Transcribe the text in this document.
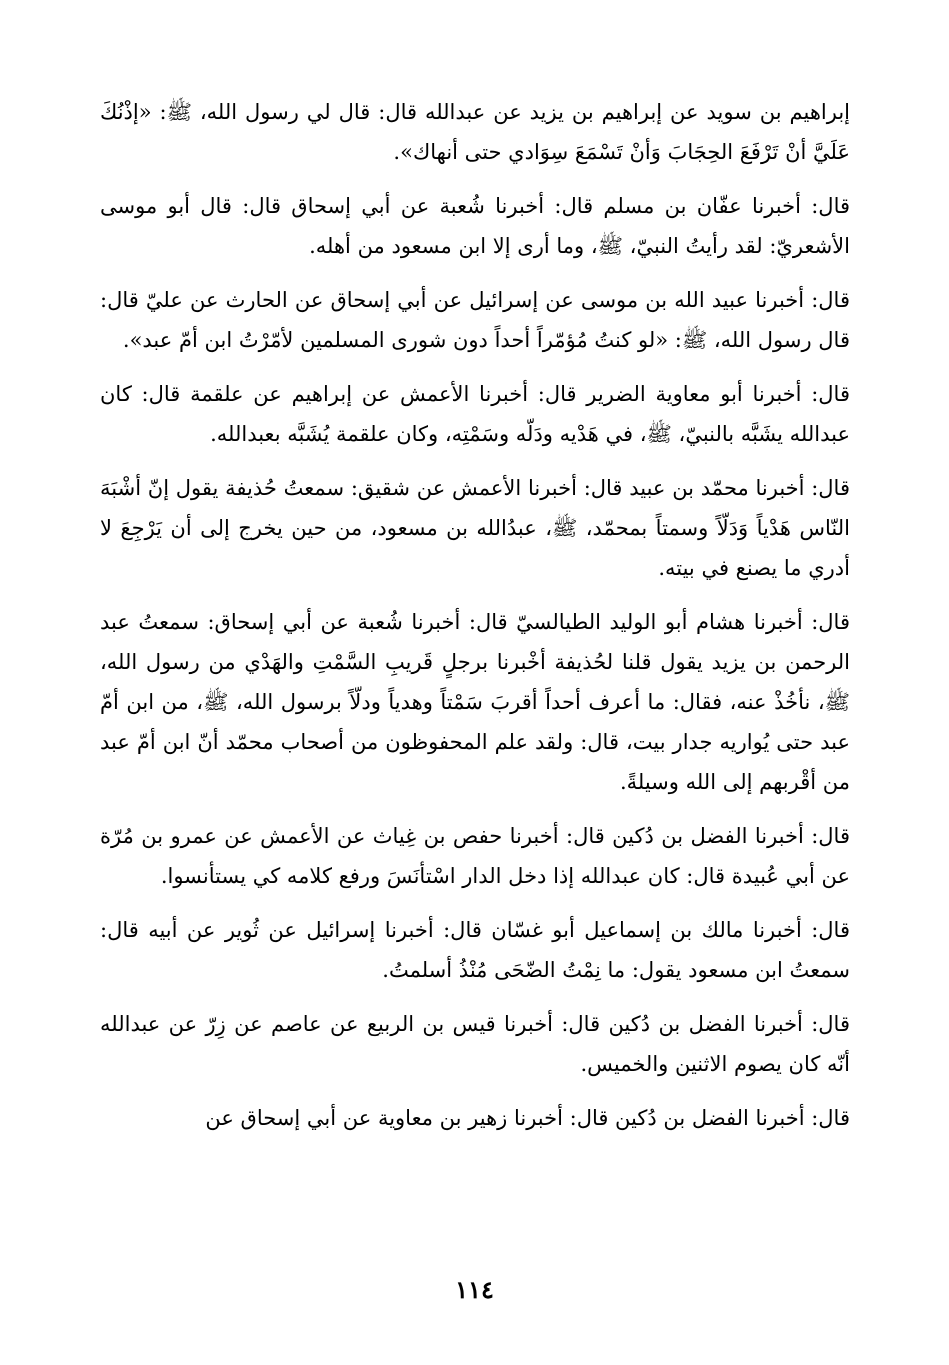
إبراهيم بن سويد عن إبراهيم بن يزيد عن عبدالله قال: قال لي رسول الله، ﷺ: «إذْنُكَ عَلَيَّ أنْ تَرْفَعَ الحِجَابَ وَأنْ تَسْمَعَ سِوَادي حتى أنهاك».

قال: أخبرنا عفّان بن مسلم قال: أخبرنا شُعبة عن أبي إسحاق قال: قال أبو موسى الأشعريّ: لقد رأيتُ النبيّ، ﷺ، وما أرى إلا ابن مسعود من أهله.

قال: أخبرنا عبيد الله بن موسى عن إسرائيل عن أبي إسحاق عن الحارث عن عليّ قال: قال رسول الله، ﷺ: «لو كنتُ مُؤمّراً أحداً دون شورى المسلمين لأمّرْتُ ابن أمّ عبد».

قال: أخبرنا أبو معاوية الضرير قال: أخبرنا الأعمش عن إبراهيم عن علقمة قال: كان عبدالله يشَبَّه بالنبيّ، ﷺ، في هَدْيه ودَلّه وسَمْتِه، وكان علقمة يُشَبَّه بعبدالله.

قال: أخبرنا محمّد بن عبيد قال: أخبرنا الأعمش عن شقيق: سمعتُ حُذيفة يقول إنّ أشْبَهَ النّاس هَدْياً وَدَلّاً وسمتاً بمحمّد، ﷺ، عبدُالله بن مسعود، من حين يخرج إلى أن يَرْجِعَ لا أدري ما يصنع في بيته.

قال: أخبرنا هشام أبو الوليد الطيالسيّ قال: أخبرنا شُعبة عن أبي إسحاق: سمعتُ عبد الرحمن بن يزيد يقول قلنا لحُذيفة أخْبرنا برجلٍ قَريبِ السَّمْتِ والهَدْي من رسول الله، ﷺ، نأخُذْ عنه، فقال: ما أعرف أحداً أقربَ سَمْتاً وهدياً ودلّاً برسول الله، ﷺ، من ابن أمّ عبد حتى يُواريه جدار بيت، قال: ولقد علم المحفوظون من أصحاب محمّد أنّ ابن أمّ عبد من أقْربهم إلى الله وسيلةً.

قال: أخبرنا الفضل بن دُكين قال: أخبرنا حفص بن غِياث عن الأعمش عن عمرو بن مُرّة عن أبي عُبيدة قال: كان عبدالله إذا دخل الدار اسْتأنَسَ ورفع كلامه كي يستأنسوا.

قال: أخبرنا مالك بن إسماعيل أبو غسّان قال: أخبرنا إسرائيل عن ثُوير عن أبيه قال: سمعتُ ابن مسعود يقول: ما نِمْتُ الضّحَى مُنْذُ أسلمتُ.

قال: أخبرنا الفضل بن دُكين قال: أخبرنا قيس بن الربيع عن عاصم عن زِرّ عن عبدالله أنّه كان يصوم الاثنين والخميس.

قال: أخبرنا الفضل بن دُكين قال: أخبرنا زهير بن معاوية عن أبي إسحاق عن

١١٤
